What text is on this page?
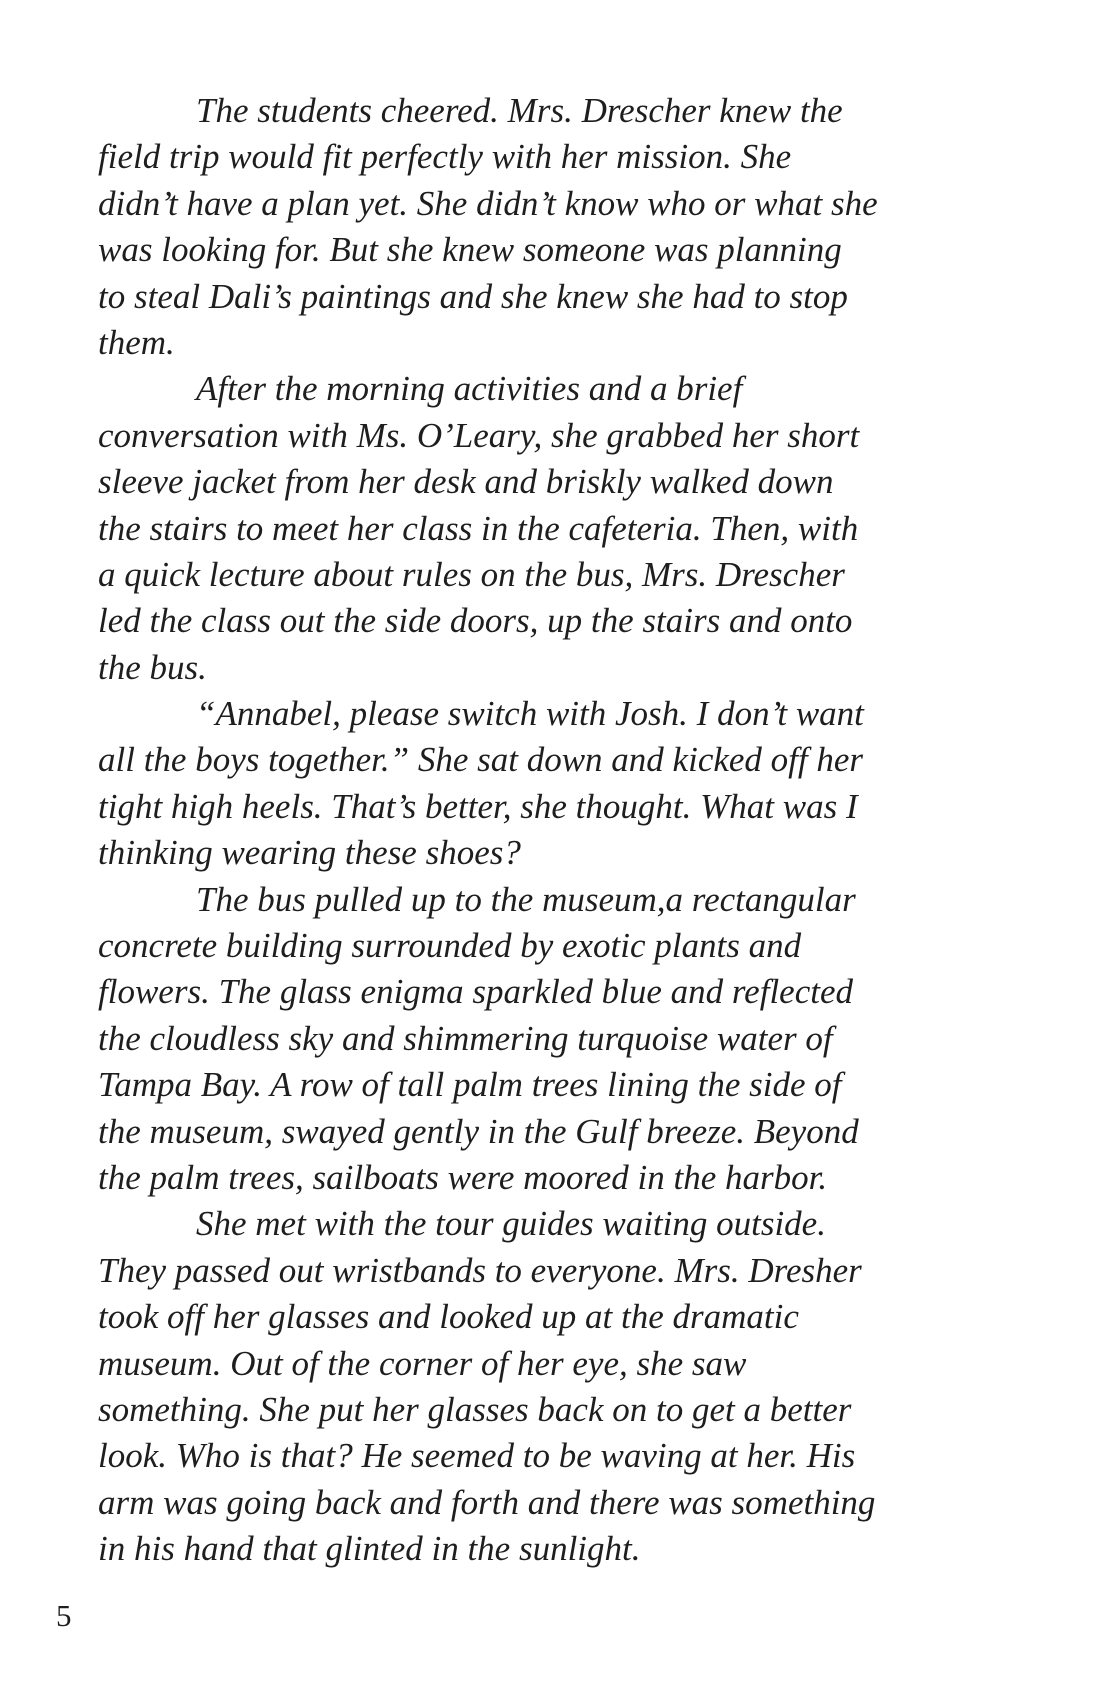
The students cheered. Mrs. Drescher knew the
field trip would fit perfectly with her mission. She
didn’t have a plan yet. She didn’t know who or what she
was looking for. But she knew someone was planning
to steal Dali’s paintings and she knew she had to stop
them.
After the morning activities and a brief
conversation with Ms. O’Leary, she grabbed her short
sleeve jacket from her desk and briskly walked down
the stairs to meet her class in the cafeteria. Then, with
a quick lecture about rules on the bus, Mrs. Drescher
led the class out the side doors, up the stairs and onto
the bus.
“Annabel, please switch with Josh. I don’t want
all the boys together.” She sat down and kicked off her
tight high heels. That’s better, she thought. What was I
thinking wearing these shoes?
The bus pulled up to the museum,a rectangular
concrete building surrounded by exotic plants and
flowers. The glass enigma sparkled blue and reflected
the cloudless sky and shimmering turquoise water of
Tampa Bay. A row of tall palm trees lining the side of
the museum, swayed gently in the Gulf breeze. Beyond
the palm trees, sailboats were moored in the harbor.
She met with the tour guides waiting outside.
They passed out wristbands to everyone. Mrs. Dresher
took off her glasses and looked up at the dramatic
museum. Out of the corner of her eye, she saw
something. She put her glasses back on to get a better
look. Who is that? He seemed to be waving at her. His
arm was going back and forth and there was something
in his hand that glinted in the sunlight.
5
